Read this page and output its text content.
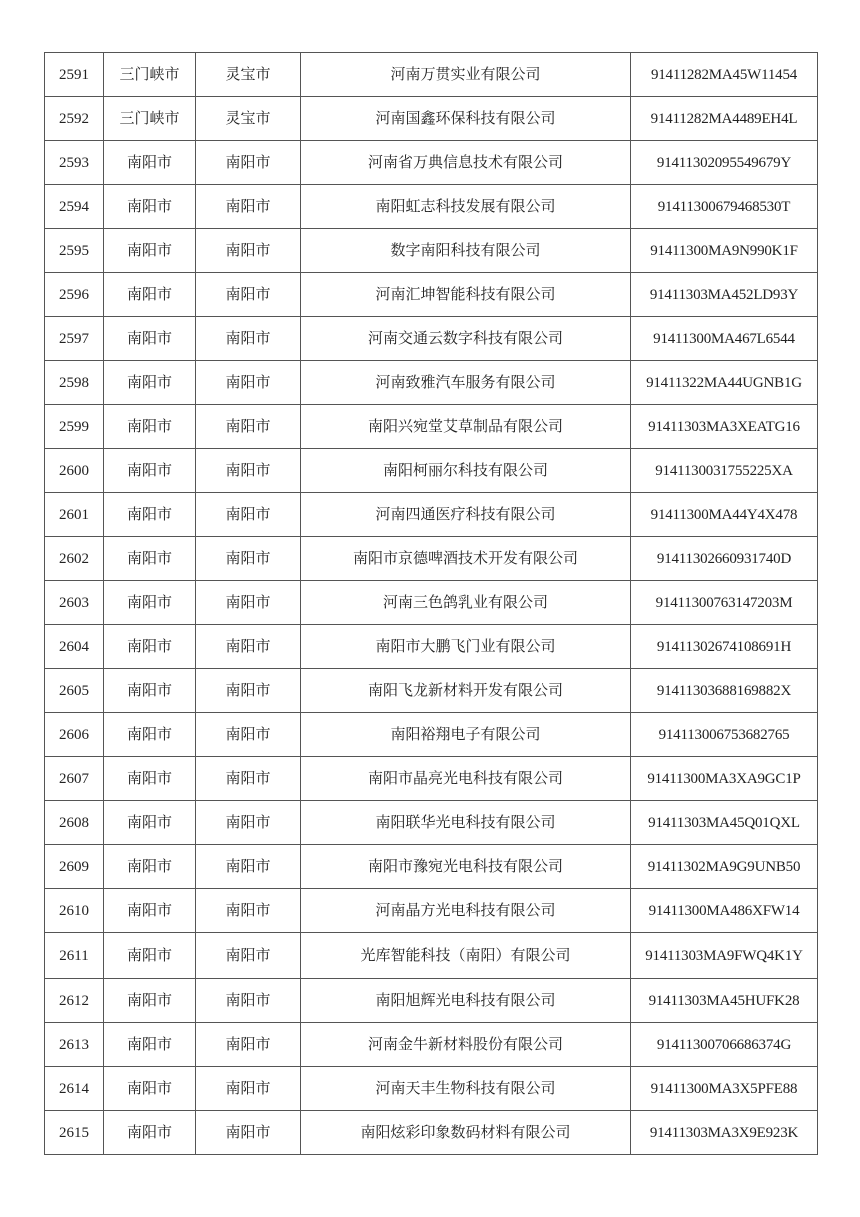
2591	三门峡市	灵宝市	河南万贯实业有限公司	91411282MA45W11454
2592	三门峡市	灵宝市	河南国鑫环保科技有限公司	91411282MA4489EH4L
2593	南阳市	南阳市	河南省万典信息技术有限公司	91411302095549679Y
2594	南阳市	南阳市	南阳虹志科技发展有限公司	91411300679468530T
2595	南阳市	南阳市	数字南阳科技有限公司	91411300MA9N990K1F
2596	南阳市	南阳市	河南汇坤智能科技有限公司	91411303MA452LD93Y
2597	南阳市	南阳市	河南交通云数字科技有限公司	91411300MA467L6544
2598	南阳市	南阳市	河南致雅汽车服务有限公司	91411322MA44UGNB1G
2599	南阳市	南阳市	南阳兴宛堂艾草制品有限公司	91411303MA3XEATG16
2600	南阳市	南阳市	南阳柯丽尔科技有限公司	9141130031755225XA
2601	南阳市	南阳市	河南四通医疗科技有限公司	91411300MA44Y4X478
2602	南阳市	南阳市	南阳市京德啤酒技术开发有限公司	91411302660931740D
2603	南阳市	南阳市	河南三色鸽乳业有限公司	91411300763147203M
2604	南阳市	南阳市	南阳市大鹏飞门业有限公司	91411302674108691H
2605	南阳市	南阳市	南阳飞龙新材料开发有限公司	91411303688169882X
2606	南阳市	南阳市	南阳裕翔电子有限公司	914113006753682765
2607	南阳市	南阳市	南阳市晶亮光电科技有限公司	91411300MA3XA9GC1P
2608	南阳市	南阳市	南阳联华光电科技有限公司	91411303MA45Q01QXL
2609	南阳市	南阳市	南阳市豫宛光电科技有限公司	91411302MA9G9UNB50
2610	南阳市	南阳市	河南晶方光电科技有限公司	91411300MA486XFW14
2611	南阳市	南阳市	光库智能科技（南阳）有限公司	91411303MA9FWQ4K1Y
2612	南阳市	南阳市	南阳旭辉光电科技有限公司	91411303MA45HUFK28
2613	南阳市	南阳市	河南金牛新材料股份有限公司	91411300706686374G
2614	南阳市	南阳市	河南天丰生物科技有限公司	91411300MA3X5PFE88
2615	南阳市	南阳市	南阳炫彩印象数码材料有限公司	91411303MA3X9E923K
